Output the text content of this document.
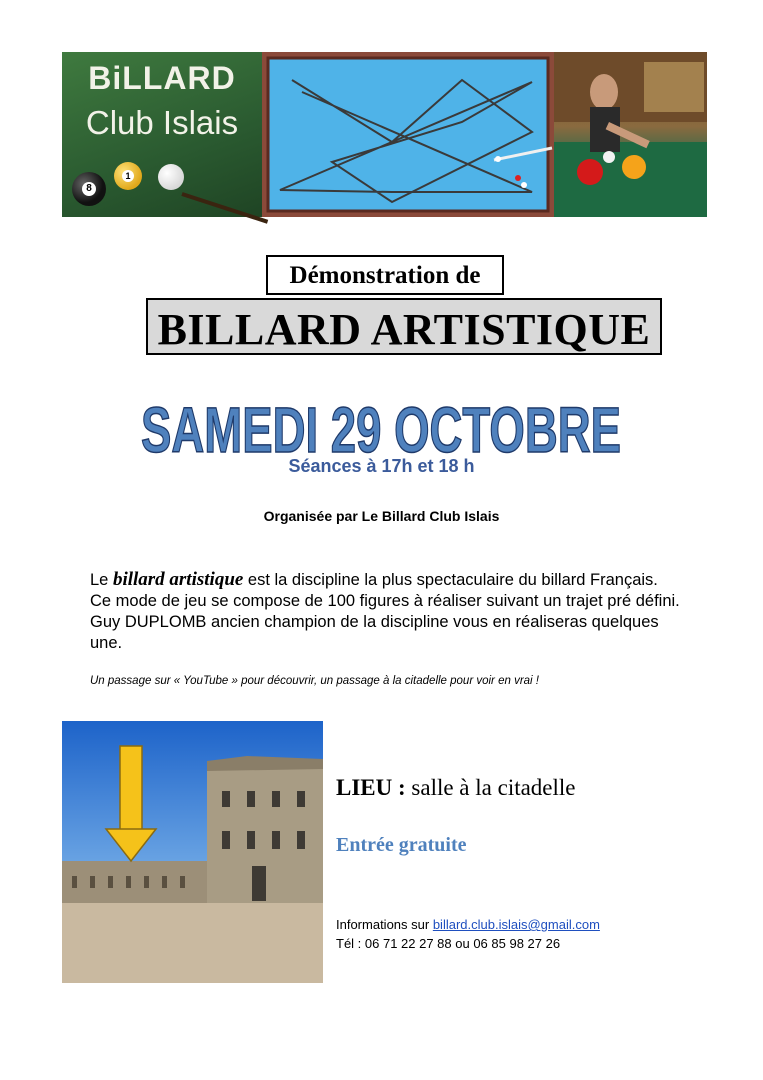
BiLLARD
Club Islais
8
1
Démonstration de
BILLARD ARTISTIQUE
SAMEDI 29 OCTOBRE
Séances à 17h et 18 h
Organisée par Le Billard Club Islais
Le billard artistique est la discipline la plus spectaculaire du billard Français. Ce mode de jeu se compose de 100 figures à réaliser suivant un trajet pré défini. Guy DUPLOMB ancien champion de la discipline vous en réaliseras quelques une.
Un passage sur « YouTube » pour découvrir, un passage à la citadelle pour voir en vrai !
LIEU : salle à la citadelle
Entrée gratuite
Informations sur billard.club.islais@gmail.com
Tél : 06 71 22 27 88 ou 06 85 98 27 26
